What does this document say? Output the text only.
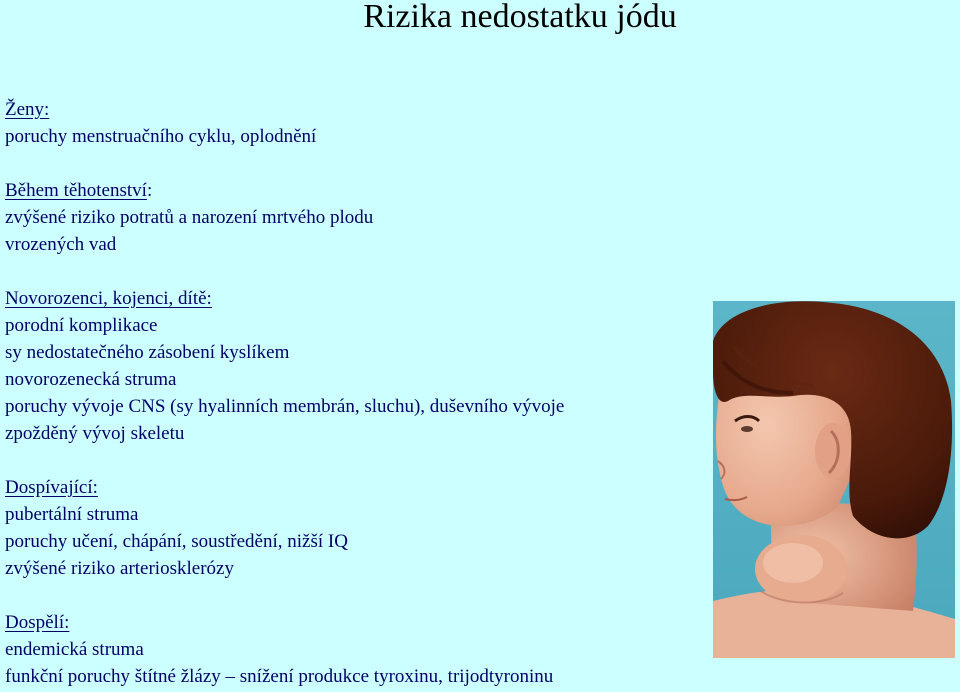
Rizika nedostatku jódu
Ženy:
poruchy menstruačního cyklu, oplodnění
Během těhotenství:
zvýšené riziko potratů a narození mrtvého plodu
vrozených vad
Novorozenci, kojenci, dítě:
porodní komplikace
sy nedostatečného zásobení kyslíkem
novorozenecká struma
poruchy vývoje CNS (sy hyalinních membrán, sluchu), duševního vývoje
zpožděný vývoj skeletu
Dospívající:
pubertální struma
poruchy učení, chápání, soustředění, nižší IQ
zvýšené riziko arteriosklerózy
Dospělí:
endemická struma
funkční poruchy štítné žlázy – snížení produkce tyroxinu, trijodtyroninu
